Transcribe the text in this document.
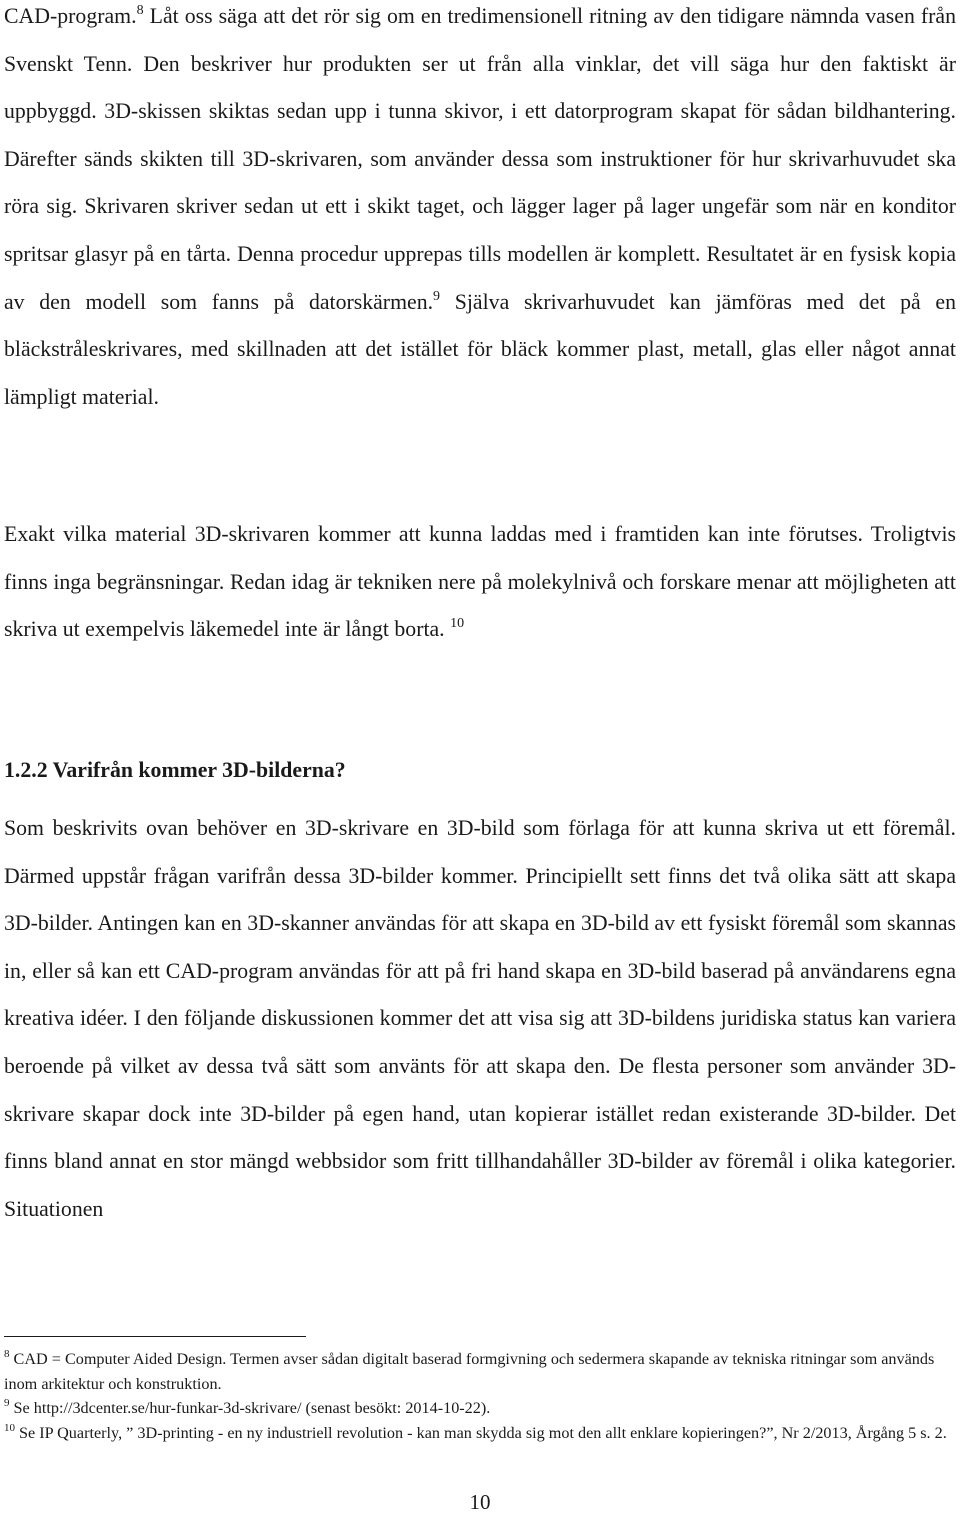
CAD-program.$^8$ Låt oss säga att det rör sig om en tredimensionell ritning av den tidigare nämnda vasen från Svenskt Tenn. Den beskriver hur produkten ser ut från alla vinklar, det vill säga hur den faktiskt är uppbyggd. 3D-skissen skiktas sedan upp i tunna skivor, i ett datorprogram skapat för sådan bildhantering. Därefter sänds skikten till 3D-skrivaren, som använder dessa som instruktioner för hur skrivarhuvudet ska röra sig. Skrivaren skriver sedan ut ett i skikt taget, och lägger lager på lager ungefär som när en konditor spritsar glasyr på en tårta. Denna procedur upprepas tills modellen är komplett. Resultatet är en fysisk kopia av den modell som fanns på datorskärmen.$^9$ Själva skrivarhuvudet kan jämföras med det på en bläckstråleskrivares, med skillnaden att det istället för bläck kommer plast, metall, glas eller något annat lämpligt material.

Exakt vilka material 3D-skrivaren kommer att kunna laddas med i framtiden kan inte förutses. Troligtvis finns inga begränsningar. Redan idag är tekniken nere på molekylnivå och forskare menar att möjligheten att skriva ut exempelvis läkemedel inte är långt borta. $^{10}$

1.2.2 Varifrån kommer 3D-bilderna?

Som beskrivits ovan behöver en 3D-skrivare en 3D-bild som förlaga för att kunna skriva ut ett föremål. Därmed uppstår frågan varifrån dessa 3D-bilder kommer. Principiellt sett finns det två olika sätt att skapa 3D-bilder. Antingen kan en 3D-skanner användas för att skapa en 3D-bild av ett fysiskt föremål som skannas in, eller så kan ett CAD-program användas för att på fri hand skapa en 3D-bild baserad på användarens egna kreativa idéer. I den följande diskussionen kommer det att visa sig att 3D-bildens juridiska status kan variera beroende på vilket av dessa två sätt som använts för att skapa den. De flesta personer som använder 3D-skrivare skapar dock inte 3D-bilder på egen hand, utan kopierar istället redan existerande 3D-bilder. Det finns bland annat en stor mängd webbsidor som fritt tillhandahåller 3D-bilder av föremål i olika kategorier. Situationen

$^8$ CAD = Computer Aided Design. Termen avser sådan digitalt baserad formgivning och sedermera skapande av tekniska ritningar som används inom arkitektur och konstruktion.

$^9$ Se http://3dcenter.se/hur-funkar-3d-skrivare/ (senast besökt: 2014-10-22).

$^{10}$ Se IP Quarterly, ” 3D-printing - en ny industriell revolution - kan man skydda sig mot den allt enklare kopieringen?”, Nr 2/2013, Årgång 5 s. 2.

10
